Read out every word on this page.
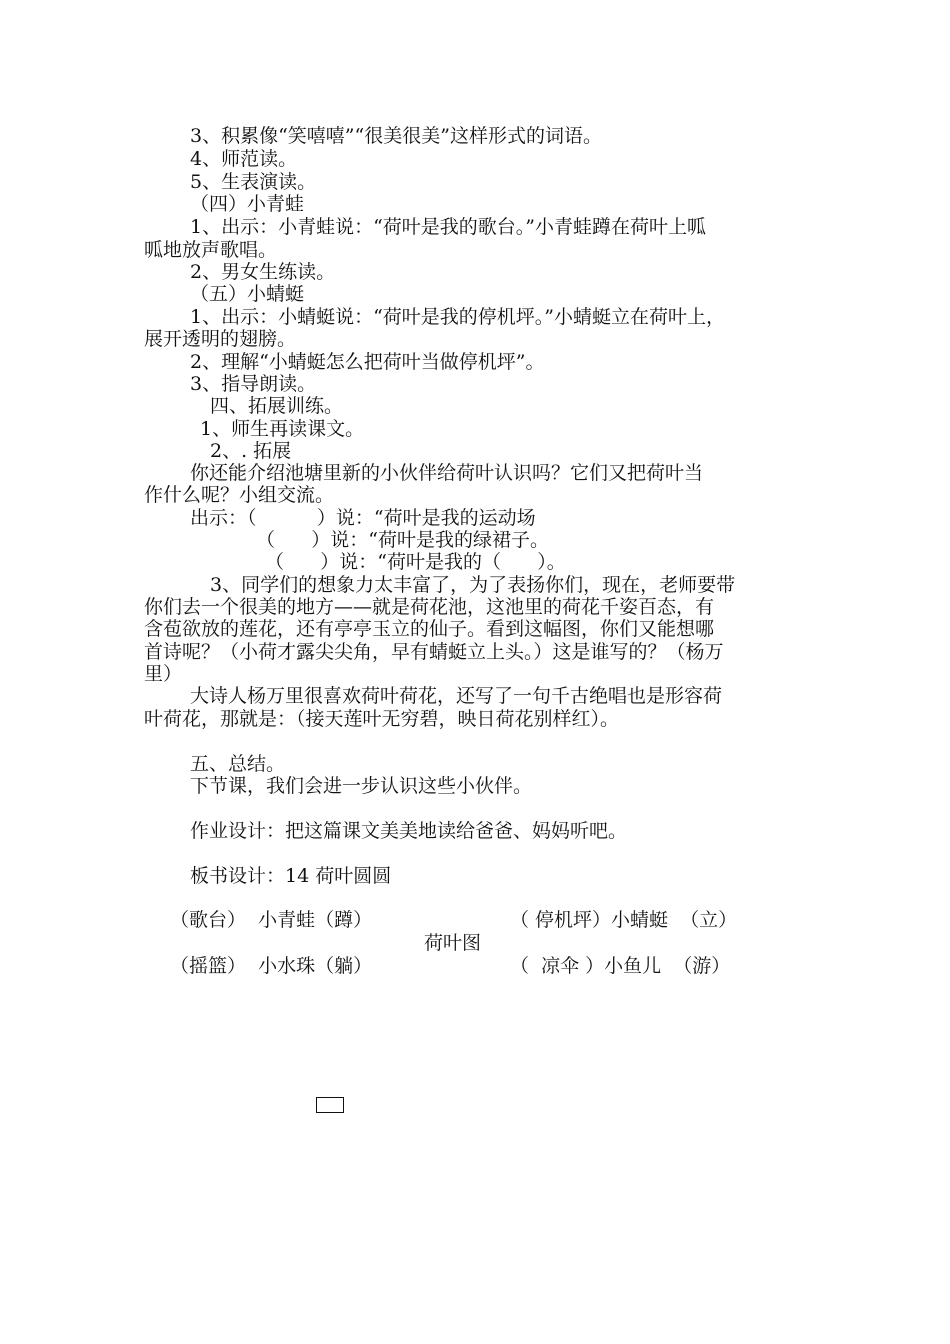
3、积累像“笑嘻嘻”“很美很美”这样形式的词语。
4、师范读。
5、生表演读。
（四）小青蛙
1、出示：小青蛙说：“荷叶是我的歌台。”小青蛙蹲在荷叶上呱
呱地放声歌唱。
2、男女生练读。
（五）小蜻蜓
1、出示：小蜻蜓说：“荷叶是我的停机坪。”小蜻蜓立在荷叶上，
展开透明的翅膀。
2、理解“小蜻蜓怎么把荷叶当做停机坪”。
3、指导朗读。
四、拓展训练。
1、师生再读课文。
2、. 拓展
你还能介绍池塘里新的小伙伴给荷叶认识吗？它们又把荷叶当
作什么呢？小组交流。
出示：（          ）说：“荷叶是我的运动场
（      ）说：“荷叶是我的绿裙子。
（      ）说：“荷叶是我的（      ）。
3、同学们的想象力太丰富了，为了表扬你们，现在，老师要带
你们去一个很美的地方——就是荷花池，这池里的荷花千姿百态，有
含苞欲放的莲花，还有亭亭玉立的仙子。看到这幅图，你们又能想哪
首诗呢？（小荷才露尖尖角，早有蜻蜓立上头。）这是谁写的？（杨万
里）
大诗人杨万里很喜欢荷叶荷花，还写了一句千古绝唱也是形容荷
叶荷花，那就是：（接天莲叶无穷碧，映日荷花别样红）。
五、总结。
下节课，我们会进一步认识这些小伙伴。
作业设计：把这篇课文美美地读给爸爸、妈妈听吧。
板书设计：14 荷叶圆圆
（歌台）  小青蛙（蹲）	（ 停机坪）小蜻蜓  （立）
荷叶图
（摇篮）  小水珠（躺）	（  凉伞 ）小鱼儿  （游）
